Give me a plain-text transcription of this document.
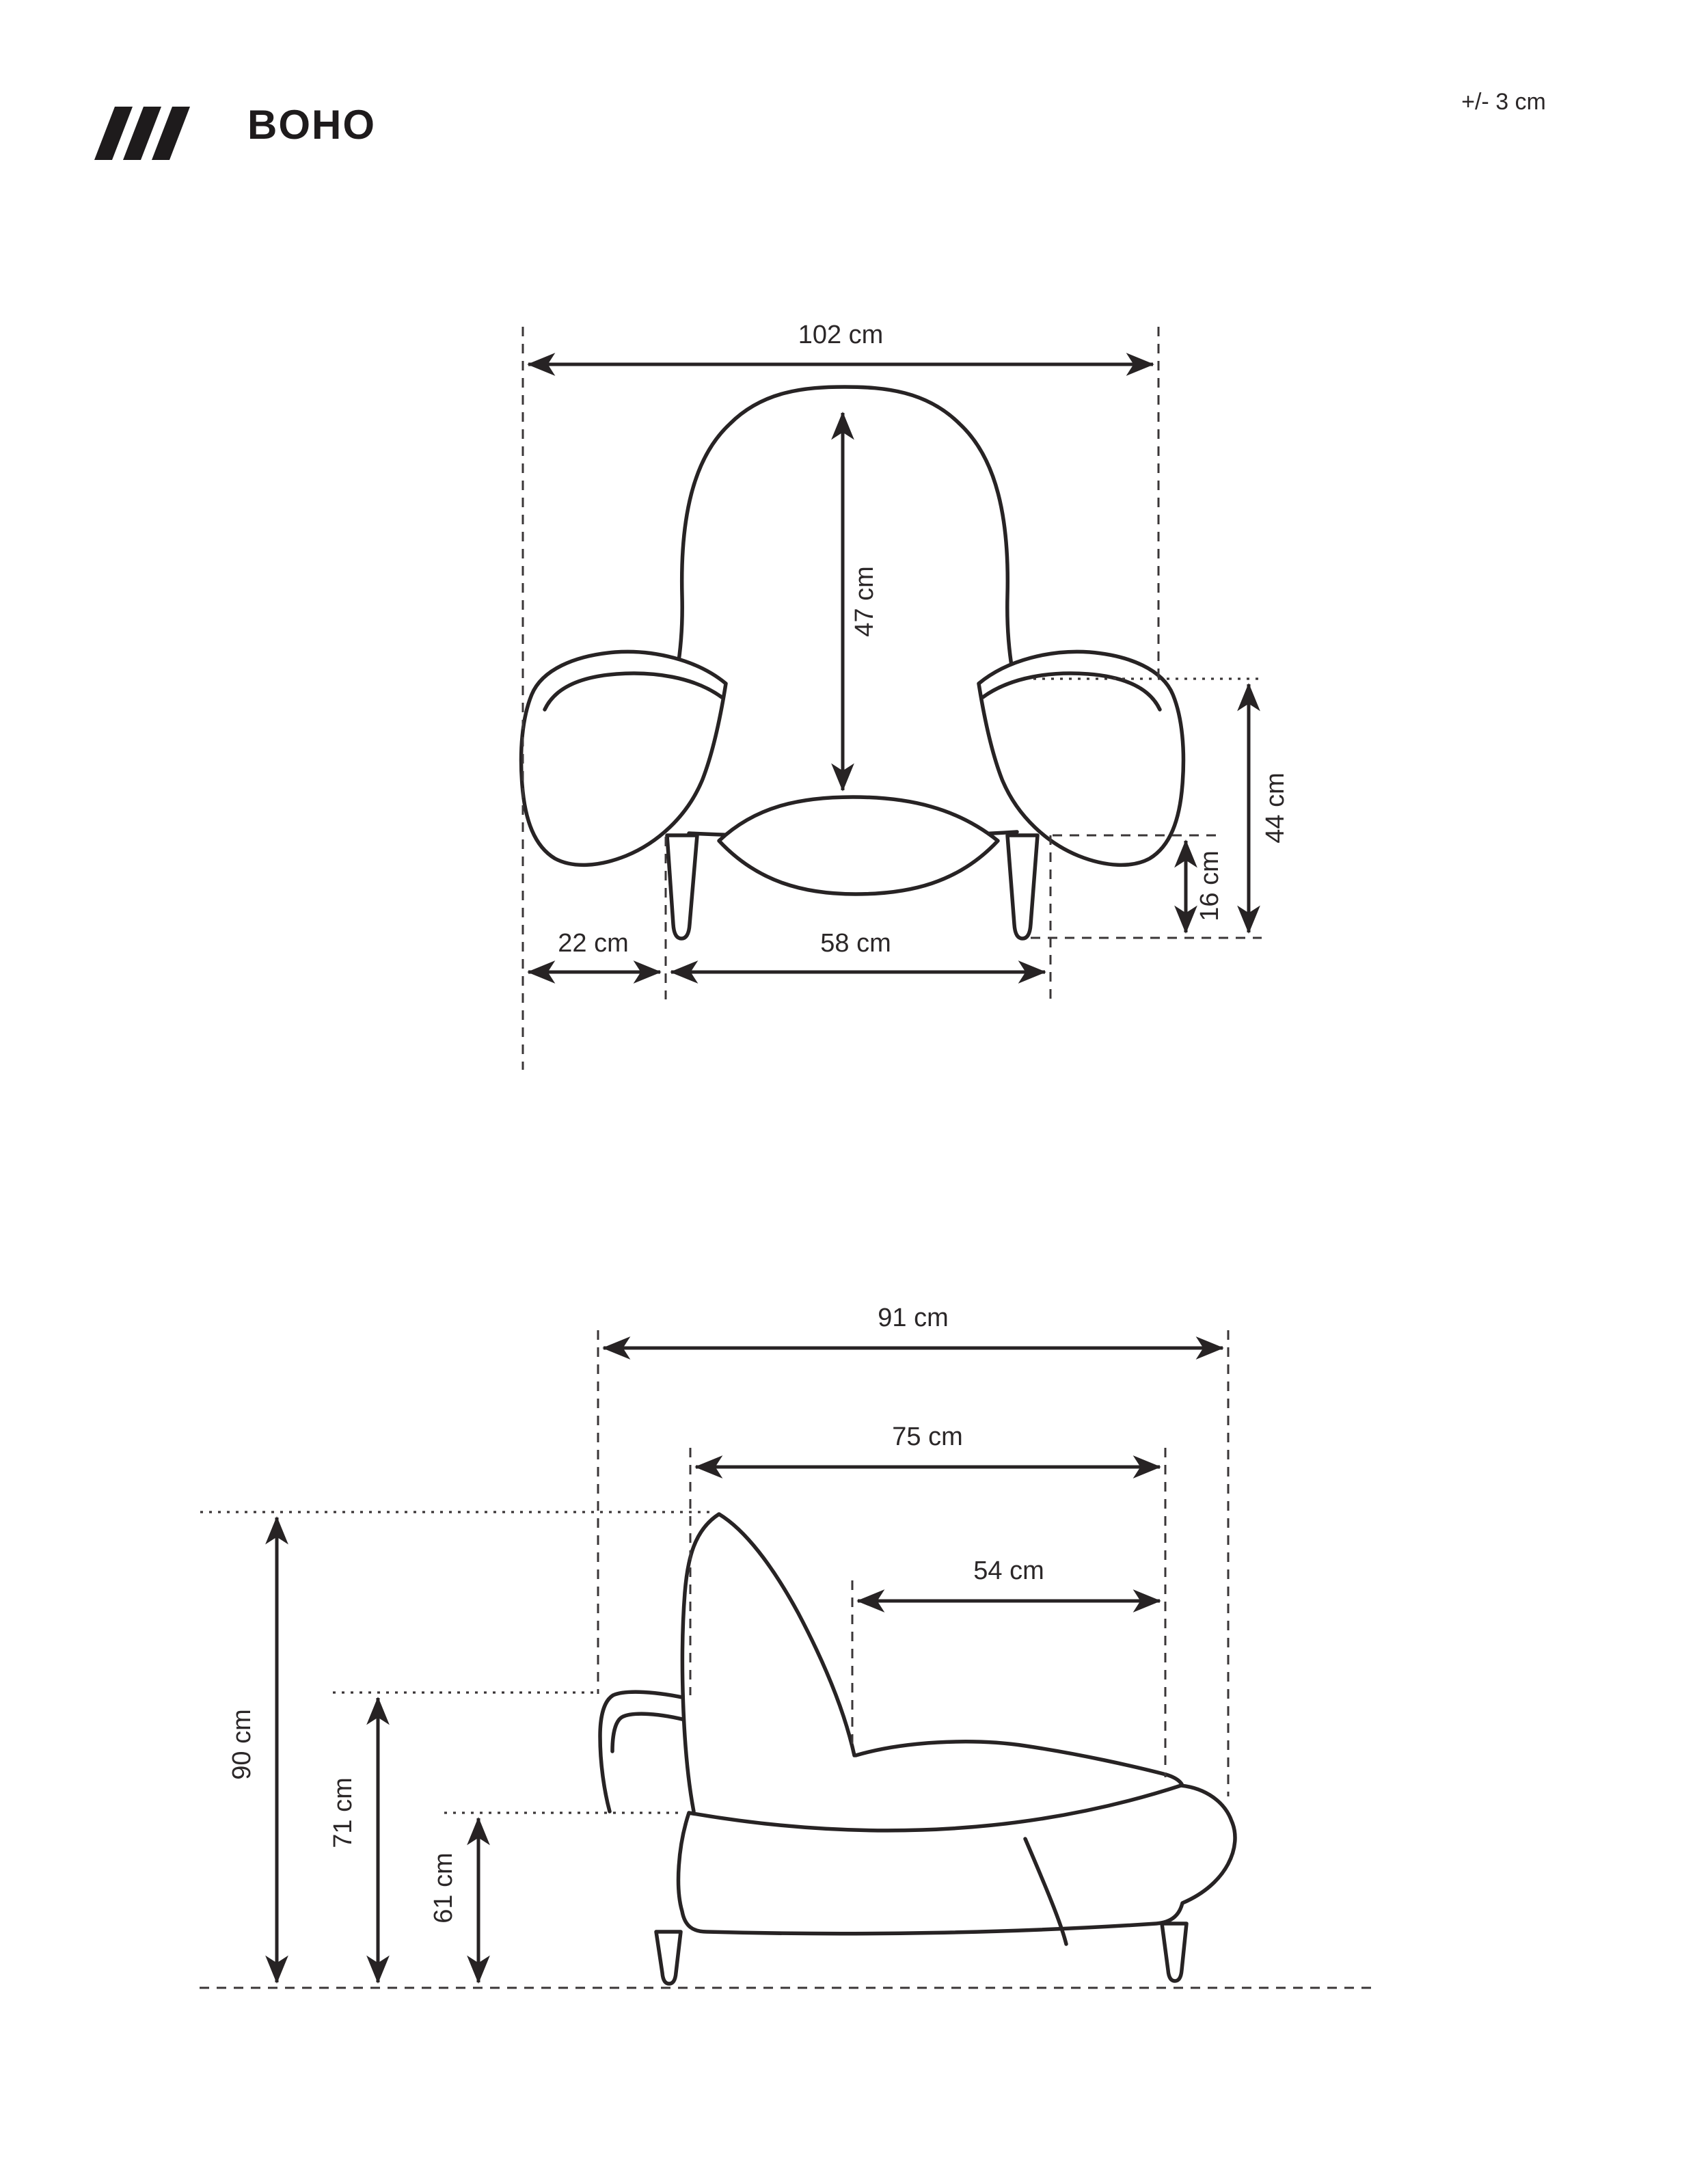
BOHO	+/- 3 cm
102 cm
47 cm
44 cm
16 cm
22 cm	58 cm
91 cm
75 cm
54 cm
90 cm
71 cm
61 cm
